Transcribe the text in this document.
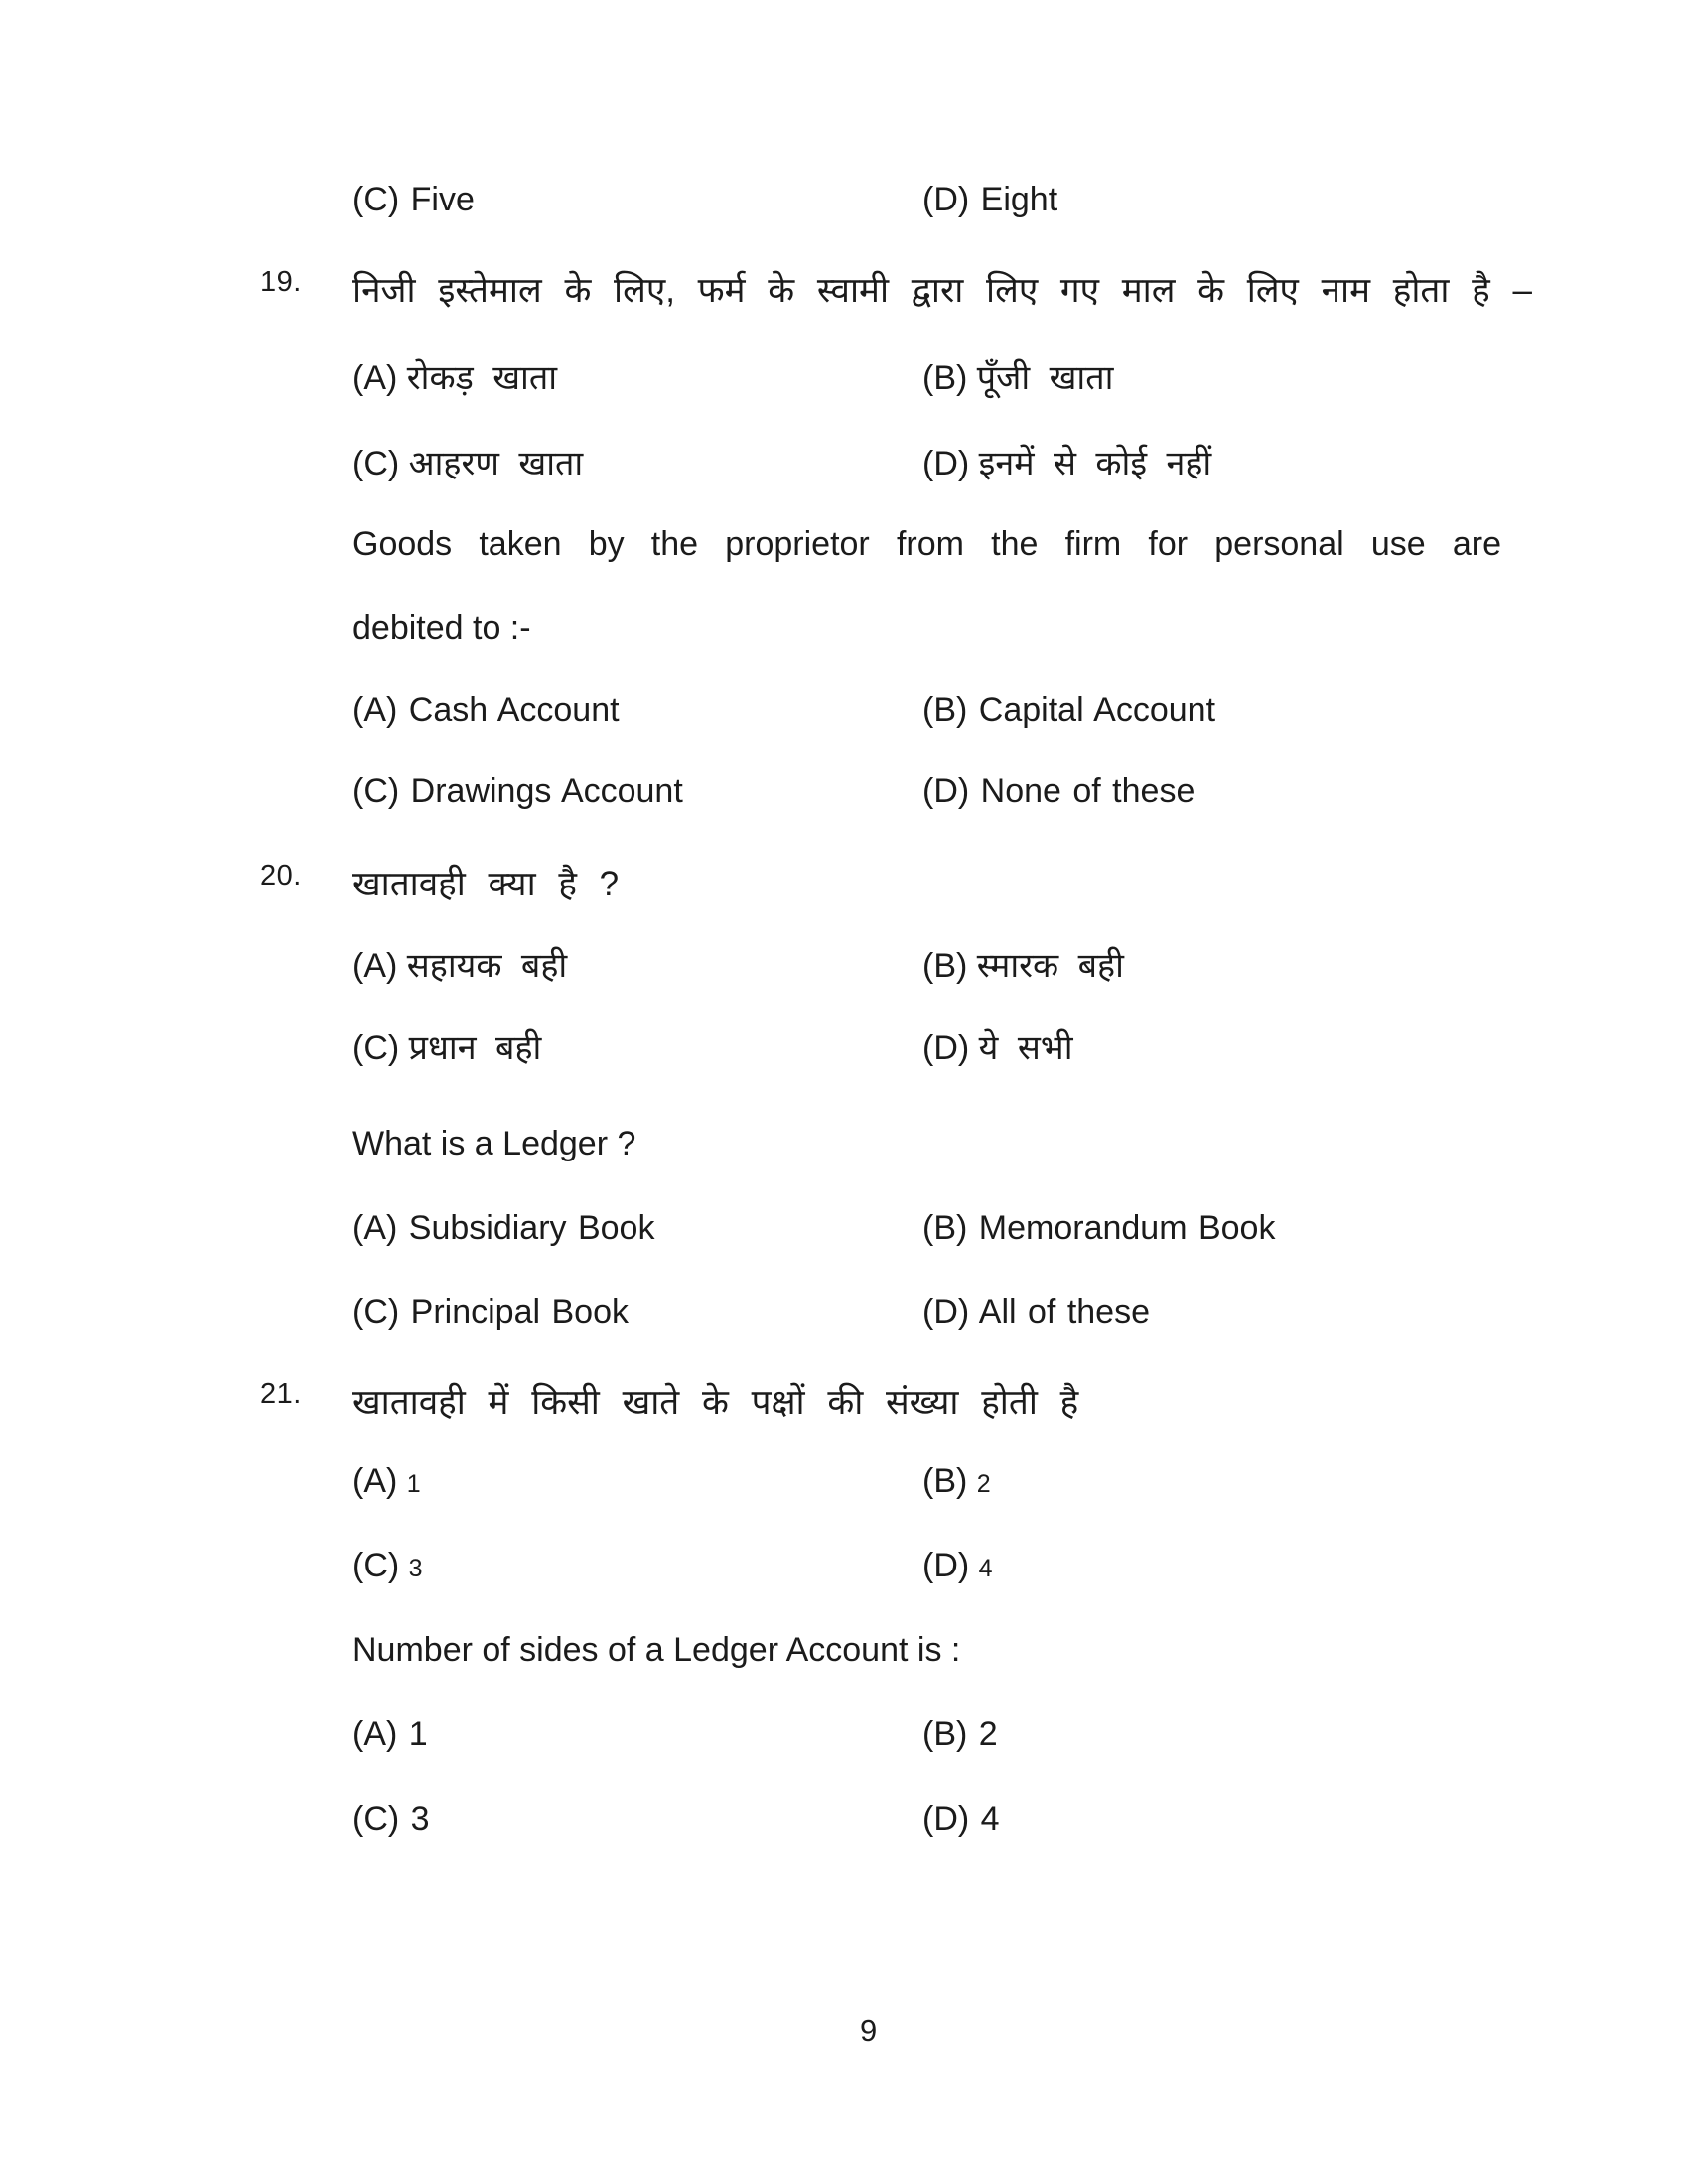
(C) Five	(D) Eight
19. निजी इस्तेमाल के लिए, फर्म के स्वामी द्वारा लिए गए माल के लिए नाम होता है –
(A) रोकड़ खाता	(B) पूँजी खाता
(C) आहरण खाता	(D) इनमें से कोई नहीं
Goods taken by the proprietor from the firm for personal use are
debited to :-
(A) Cash Account	(B) Capital Account
(C) Drawings Account	(D) None of these
20. खातावही क्या है ?
(A) सहायक बही	(B) स्मारक बही
(C) प्रधान बही	(D) ये सभी
What is a Ledger ?
(A) Subsidiary Book	(B) Memorandum Book
(C) Principal Book	(D) All of these
21. खातावही में किसी खाते के पक्षों की संख्या होती है
(A) 1	(B) 2
(C) 3	(D) 4
Number of sides of a Ledger Account is :
(A) 1	(B) 2
(C) 3	(D) 4
9
